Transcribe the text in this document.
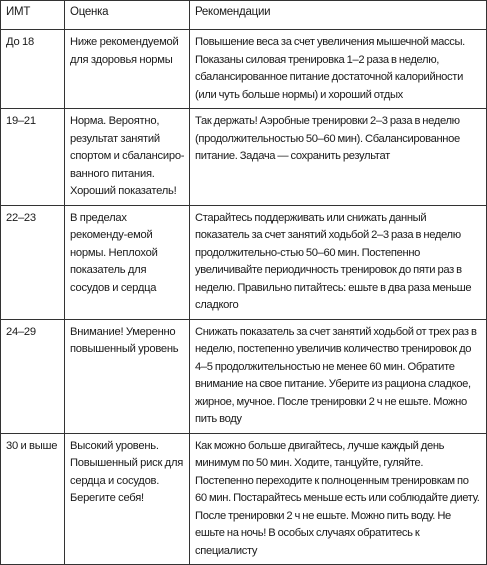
ИМТ	Оценка	Рекомендации

До 18	Ниже рекомендуемой для здоровья нормы	Повышение веса за счет увеличения мышечной массы. Показаны силовая тренировка 1–2 раза в неделю, сбалансированное питание достаточной калорийности (или чуть больше нормы) и хороший отдых

19–21	Норма. Вероятно, результат занятий спортом и сбалансиро-ванного питания. Хороший показатель!	Так держать! Аэробные тренировки 2–3 раза в неделю (продолжительностью 50–60 мин). Сбалансированное питание. Задача — сохранить результат

22–23	В пределах рекоменду-емой нормы. Неплохой показатель для сосудов и сердца	Старайтесь поддерживать или снижать данный показатель за счет занятий ходьбой 2–3 раза в неделю продолжительно-стью 50–60 мин. Постепенно увеличивайте периодичность тренировок до пяти раз в неделю. Правильно питайтесь: ешьте в два раза меньше сладкого

24–29	Внимание! Умеренно повышенный уровень	Снижать показатель за счет занятий ходьбой от трех раз в неделю, постепенно увеличив количество тренировок до 4–5 продолжительностью не менее 60 мин. Обратите внимание на свое питание. Уберите из рациона сладкое, жирное, мучное. После тренировки 2 ч не ешьте. Можно пить воду

30 и выше	Высокий уровень. Повышенный риск для сердца и сосудов. Берегите себя!	Как можно больше двигайтесь, лучше каждый день минимум по 50 мин. Ходите, танцуйте, гуляйте. Постепенно переходите к полноценным тренировкам по 60 мин. Постарайтесь меньше есть или соблюдайте диету. После тренировки 2 ч не ешьте. Можно пить воду. Не ешьте на ночь! В особых случаях обратитесь к специалисту
